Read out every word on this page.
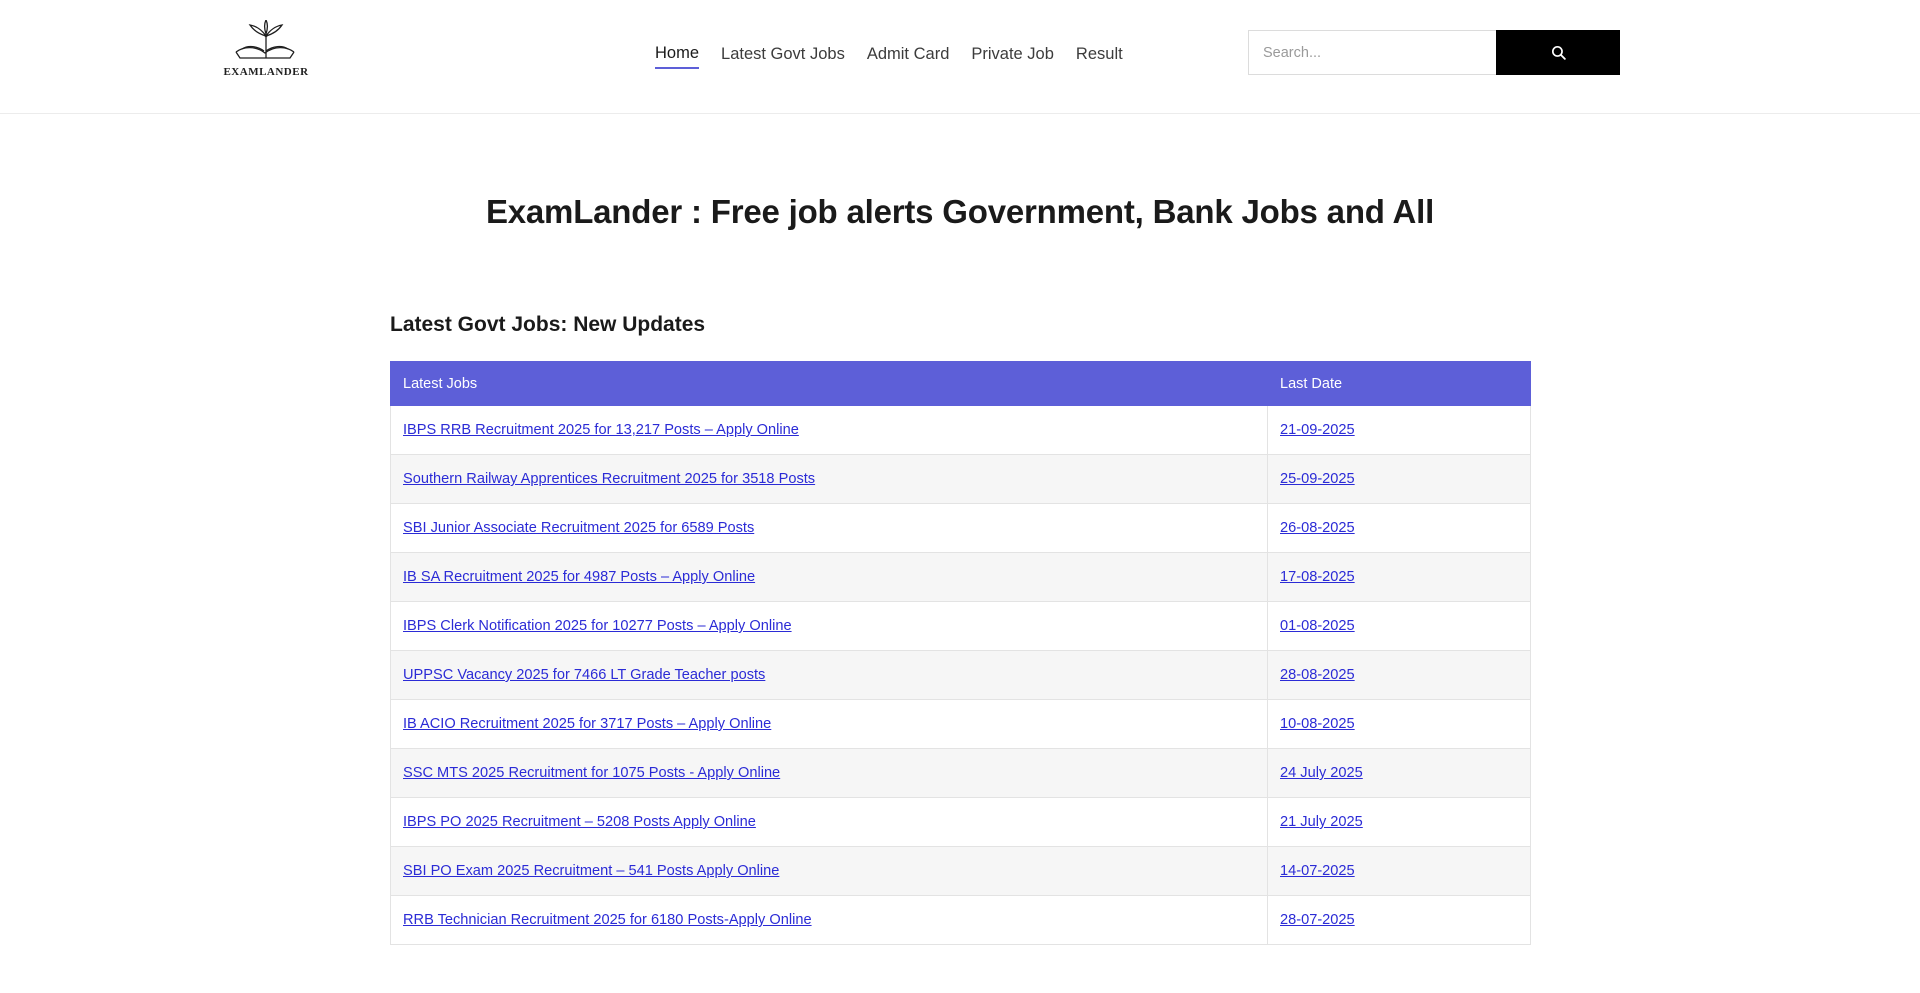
EXAMLANDER
Home Latest Govt Jobs Admit Card Private Job Result
Search...
ExamLander : Free job alerts Government, Bank Jobs and All
Latest Govt Jobs: New Updates
Latest Jobs	Last Date
IBPS RRB Recruitment 2025 for 13,217 Posts – Apply Online	21-09-2025
Southern Railway Apprentices Recruitment 2025 for 3518 Posts	25-09-2025
SBI Junior Associate Recruitment 2025 for 6589 Posts	26-08-2025
IB SA Recruitment 2025 for 4987 Posts – Apply Online	17-08-2025
IBPS Clerk Notification 2025 for 10277 Posts – Apply Online	01-08-2025
UPPSC Vacancy 2025 for 7466 LT Grade Teacher posts	28-08-2025
IB ACIO Recruitment 2025 for 3717 Posts – Apply Online	10-08-2025
SSC MTS 2025 Recruitment for 1075 Posts - Apply Online	24 July 2025
IBPS PO 2025 Recruitment – 5208 Posts Apply Online	21 July 2025
SBI PO Exam 2025 Recruitment – 541 Posts Apply Online	14-07-2025
RRB Technician Recruitment 2025 for 6180 Posts-Apply Online	28-07-2025
